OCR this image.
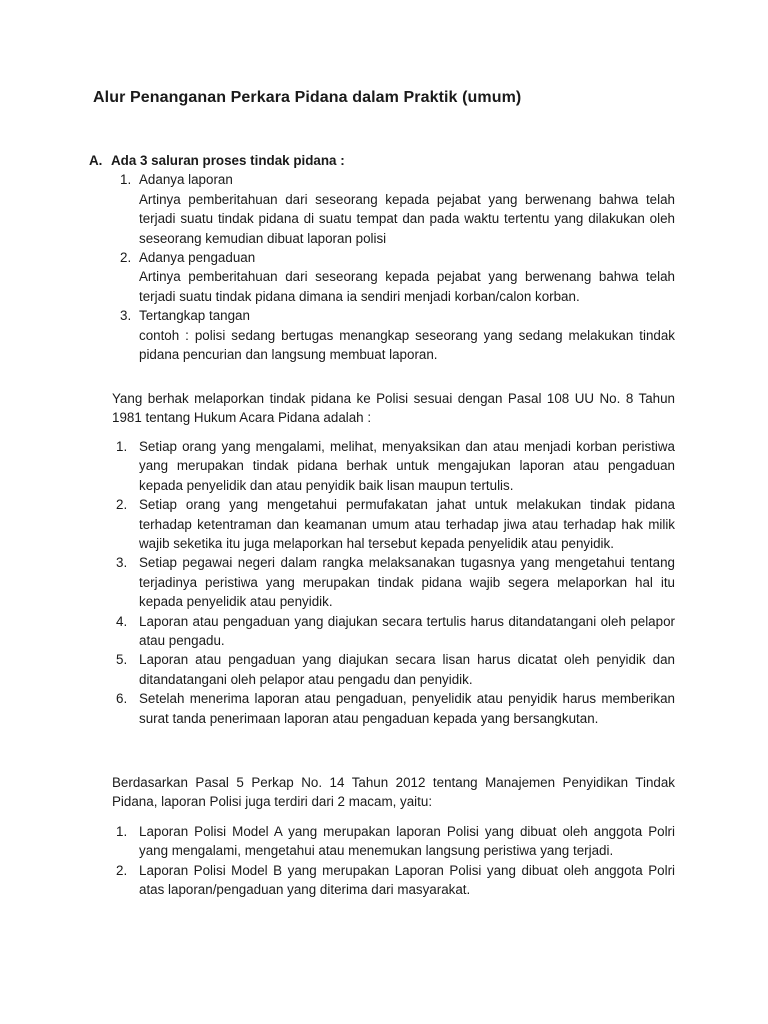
Alur Penanganan Perkara Pidana dalam Praktik (umum)
A. Ada 3 saluran proses tindak pidana :
1. Adanya laporan
Artinya pemberitahuan dari seseorang kepada pejabat yang berwenang bahwa telah terjadi suatu tindak pidana di suatu tempat dan pada waktu tertentu yang dilakukan oleh seseorang kemudian dibuat laporan polisi
2. Adanya pengaduan
Artinya pemberitahuan dari seseorang kepada pejabat yang berwenang bahwa telah terjadi suatu tindak pidana dimana ia sendiri menjadi korban/calon korban.
3. Tertangkap tangan
contoh : polisi sedang bertugas menangkap seseorang yang sedang melakukan tindak pidana pencurian dan langsung membuat laporan.
Yang berhak melaporkan tindak pidana ke Polisi sesuai dengan Pasal 108 UU No. 8 Tahun 1981 tentang Hukum Acara Pidana adalah :
1. Setiap orang yang mengalami, melihat, menyaksikan dan atau menjadi korban peristiwa yang merupakan tindak pidana berhak untuk mengajukan laporan atau pengaduan kepada penyelidik dan atau penyidik baik lisan maupun tertulis.
2. Setiap orang yang mengetahui permufakatan jahat untuk melakukan tindak pidana terhadap ketentraman dan keamanan umum atau terhadap jiwa atau terhadap hak milik wajib seketika itu juga melaporkan hal tersebut kepada penyelidik atau penyidik.
3. Setiap pegawai negeri dalam rangka melaksanakan tugasnya yang mengetahui tentang terjadinya peristiwa yang merupakan tindak pidana wajib segera melaporkan hal itu kepada penyelidik atau penyidik.
4. Laporan atau pengaduan yang diajukan secara tertulis harus ditandatangani oleh pelapor atau pengadu.
5. Laporan atau pengaduan yang diajukan secara lisan harus dicatat oleh penyidik dan ditandatangani oleh pelapor atau pengadu dan penyidik.
6. Setelah menerima laporan atau pengaduan, penyelidik atau penyidik harus memberikan surat tanda penerimaan laporan atau pengaduan kepada yang bersangkutan.
Berdasarkan Pasal 5 Perkap No. 14 Tahun 2012 tentang Manajemen Penyidikan Tindak Pidana, laporan Polisi juga terdiri dari 2 macam, yaitu:
1. Laporan Polisi Model A yang merupakan laporan Polisi yang dibuat oleh anggota Polri yang mengalami, mengetahui atau menemukan langsung peristiwa yang terjadi.
2. Laporan Polisi Model B yang merupakan Laporan Polisi yang dibuat oleh anggota Polri atas laporan/pengaduan yang diterima dari masyarakat.
